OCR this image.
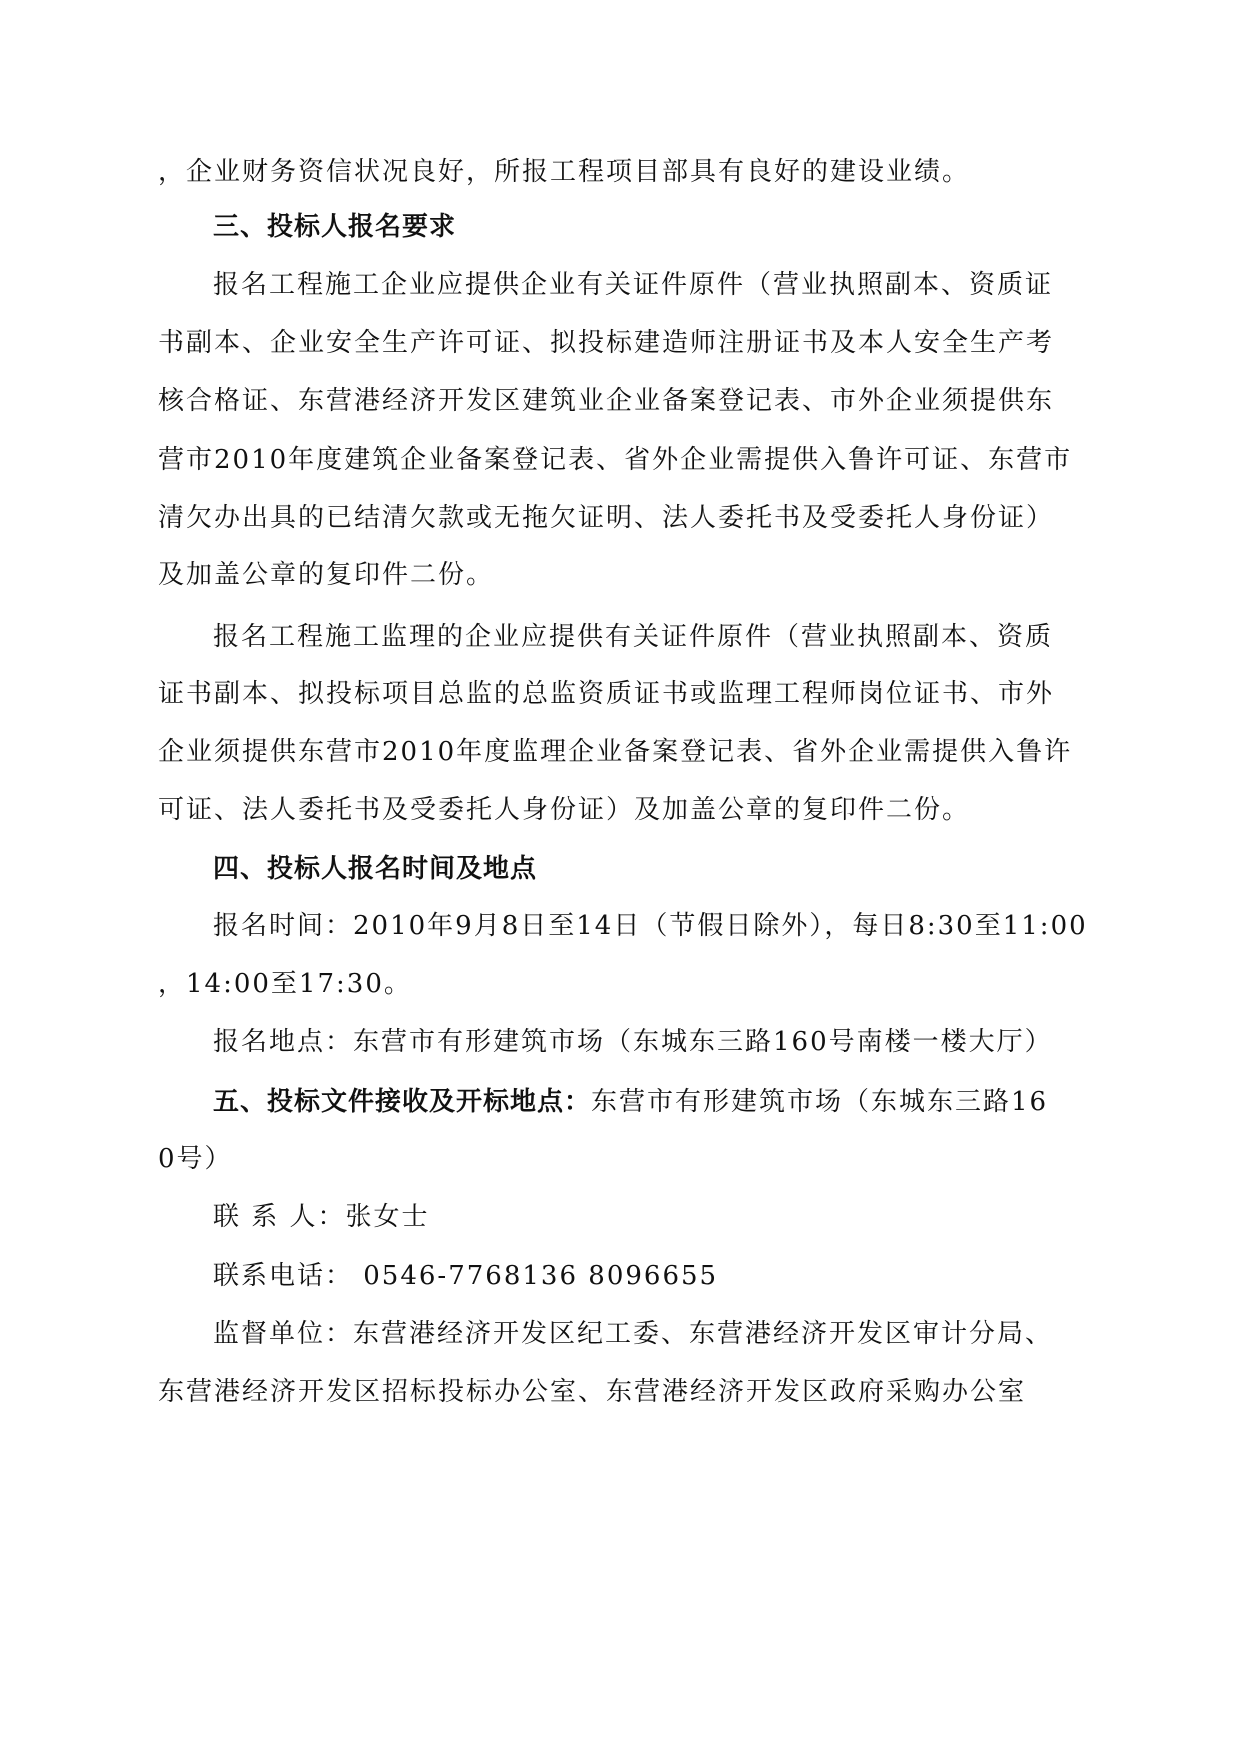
，企业财务资信状况良好，所报工程项目部具有良好的建设业绩。
三、投标人报名要求
报名工程施工企业应提供企业有关证件原件（营业执照副本、资质证
书副本、企业安全生产许可证、拟投标建造师注册证书及本人安全生产考
核合格证、东营港经济开发区建筑业企业备案登记表、市外企业须提供东
营市2010年度建筑企业备案登记表、省外企业需提供入鲁许可证、东营市
清欠办出具的已结清欠款或无拖欠证明、法人委托书及受委托人身份证）
及加盖公章的复印件二份。
报名工程施工监理的企业应提供有关证件原件（营业执照副本、资质
证书副本、拟投标项目总监的总监资质证书或监理工程师岗位证书、市外
企业须提供东营市2010年度监理企业备案登记表、省外企业需提供入鲁许
可证、法人委托书及受委托人身份证）及加盖公章的复印件二份。
四、投标人报名时间及地点
报名时间：2010年9月8日至14日（节假日除外），每日8:30至11:00
，14:00至17:30。
报名地点：东营市有形建筑市场（东城东三路160号南楼一楼大厅）
五、投标文件接收及开标地点：东营市有形建筑市场（东城东三路16
0号）
联 系 人：张女士
联系电话： 0546-7768136 8096655
监督单位：东营港经济开发区纪工委、东营港经济开发区审计分局、
东营港经济开发区招标投标办公室、东营港经济开发区政府采购办公室
